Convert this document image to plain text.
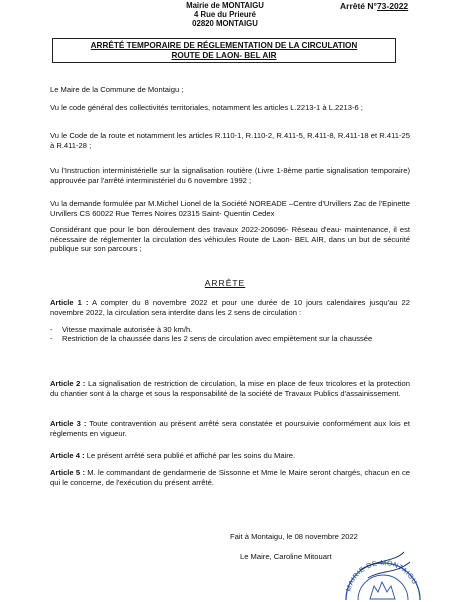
Mairie de MONTAIGU
4 Rue du Prieuré
02820 MONTAIGU
Arrêté N°73-2022
ARRÊTÉ TEMPORAIRE DE RÉGLEMENTATION DE LA CIRCULATION
ROUTE DE LAON- BEL AIR
Le Maire de la Commune de Montaigu ;
Vu le code général des collectivités territoriales, notamment les articles L.2213-1 à L.2213-6 ;
Vu le Code de la route et notamment les articles R.110-1, R.110-2, R.411-5, R.411-8, R.411-18 et R.411-25 à R.411-28 ;
Vu l'Instruction interministérielle sur la signalisation routière (Livre 1-8ème partie signalisation temporaire) approuvée par l'arrêté interministériel du 6 novembre 1992 ;
Vu la demande formulée par M.Michel Lionel de la Société NOREADE –Centre d'Urvillers Zac de l'Epinette Urvillers CS 60022 Rue Terres Noires 02315 Saint- Quentin Cedex
Considérant que pour le bon déroulement des travaux 2022-206096- Réseau d'eau- maintenance, il est nécessaire de réglementer la circulation des véhicules Route de Laon- BEL AIR, dans un but de sécurité publique sur son parcours ;
ARRÊTE
Article 1 : A compter du 8 novembre 2022 et pour une durée de 10 jours calendaires jusqu'au 22 novembre 2022, la circulation sera interdite dans les 2 sens de circulation :
- Vitesse maximale autorisée à 30 km/h.
- Restriction de la chaussée dans les 2 sens de circulation avec empiètement sur la chaussée
Article 2 : La signalisation de restriction de circulation, la mise en place de feux tricolores et la protection du chantier sont à la charge et sous la responsabilité de la société de Travaux Publics d'assainissement.
Article 3 : Toute contravention au présent arrêté sera constatée et poursuivie conformément aux lois et règlements en vigueur.
Article 4 : Le présent arrêté sera publié et affiché par les soins du Maire.
Article 5 : M. le commandant de gendarmerie de Sissonne et Mme le Maire seront chargés, chacun en ce qui le concerne, de l'exécution du présent arrêté.
Fait à Montaigu, le 08 novembre 2022
Le Maire, Caroline Mitouart
MAIRIE DE MONTAIGU
